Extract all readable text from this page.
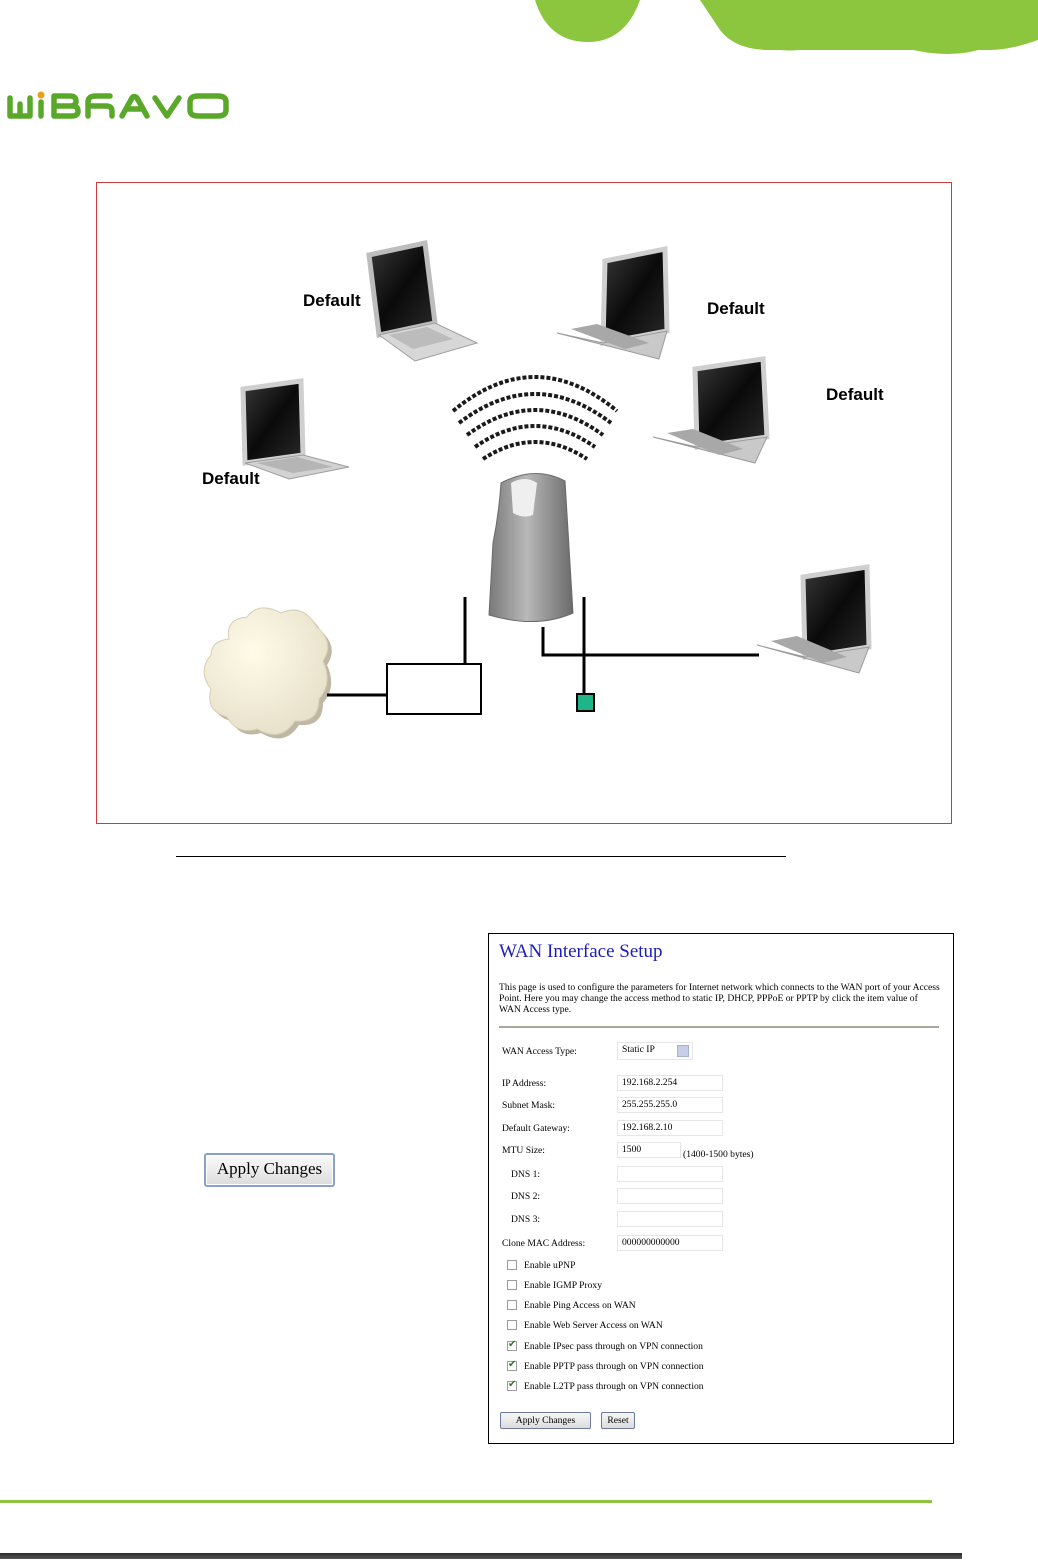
Default	Default
Default
Default
Apply Changes
WAN Interface Setup
This page is used to configure the parameters for Internet network which connects to the WAN port of your Access Point. Here you may change the access method to static IP, DHCP, PPPoE or PPTP by click the item value of WAN Access type.
WAN Access Type:	Static IP
IP Address:	192.168.2.254
Subnet Mask:	255.255.255.0
Default Gateway:	192.168.2.10
MTU Size:	1500	(1400-1500 bytes)
DNS 1:
DNS 2:
DNS 3:
Clone MAC Address:	000000000000
Enable uPNP
Enable IGMP Proxy
Enable Ping Access on WAN
Enable Web Server Access on WAN
✔
Enable IPsec pass through on VPN connection
✔
Enable PPTP pass through on VPN connection
✔
Enable L2TP pass through on VPN connection
Apply Changes	Reset
